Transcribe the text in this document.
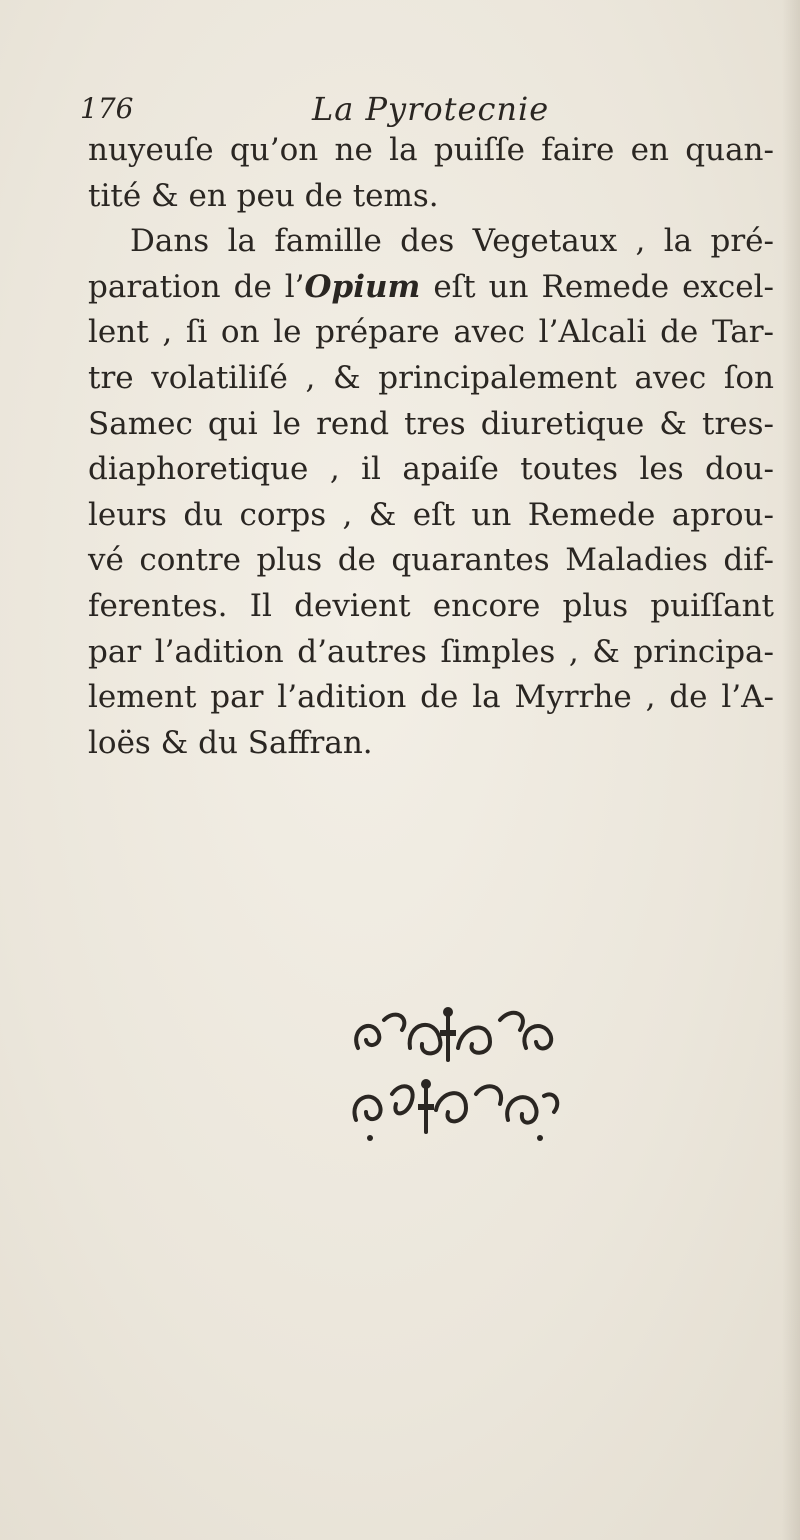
176	La Pyrotecnie
nuyeuſe qu’on ne la puiſſe faire en quan-
tité & en peu de tems.
Dans la famille des Vegetaux , la pré-
paration de l’Opium eſt un Remede excel-
lent , ſi on le prépare avec l’Alcali de Tar-
tre volatiliſé , & principalement avec ſon
Samec qui le rend tres diuretique & tres-
diaphoretique , il apaiſe toutes les dou-
leurs du corps , & eſt un Remede aprou-
vé contre plus de quarantes Maladies dif-
ferentes. Il devient encore plus puiſſant
par l’adition d’autres ſimples , & principa-
lement par l’adition de la Myrrhe , de l’A-
loës & du Saffran.
